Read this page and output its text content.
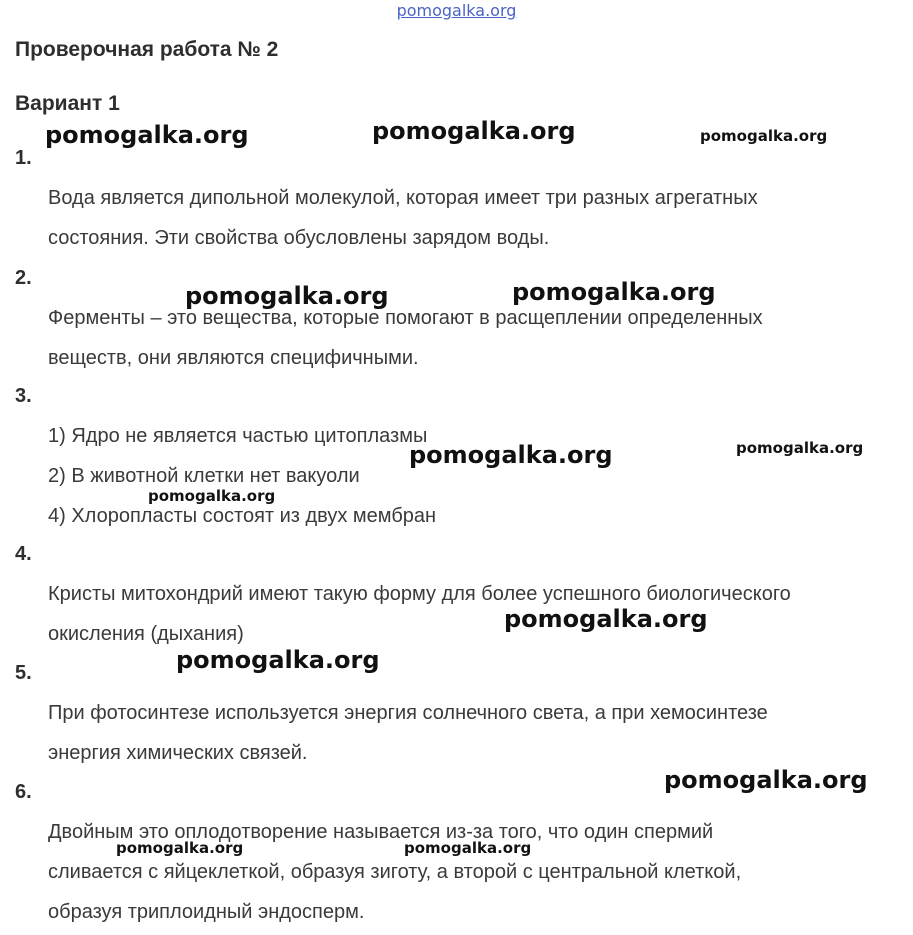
pomogalka.org
Проверочная работа № 2
Вариант 1
1.
Вода является дипольной молекулой, которая имеет три разных агрегатных
состояния. Эти свойства обусловлены зарядом воды.
2.
Ферменты – это вещества, которые помогают в расщеплении определенных
веществ, они являются специфичными.
3.
1) Ядро не является частью цитоплазмы
2) В животной клетки нет вакуоли
4) Хлоропласты состоят из двух мембран
4.
Кристы митохондрий имеют такую форму для более успешного биологического
окисления (дыхания)
5.
При фотосинтезе используется энергия солнечного света, а при хемосинтезе
энергия химических связей.
6.
Двойным это оплодотворение называется из-за того, что один спермий
сливается с яйцеклеткой, образуя зиготу, а второй с центральной клеткой,
образуя триплоидный эндосперм.
pomogalka.org	pomogalka.org	pomogalka.org
pomogalka.org	pomogalka.org
pomogalka.org	pomogalka.org
pomogalka.org
pomogalka.org
pomogalka.org
pomogalka.org
pomogalka.org	pomogalka.org
